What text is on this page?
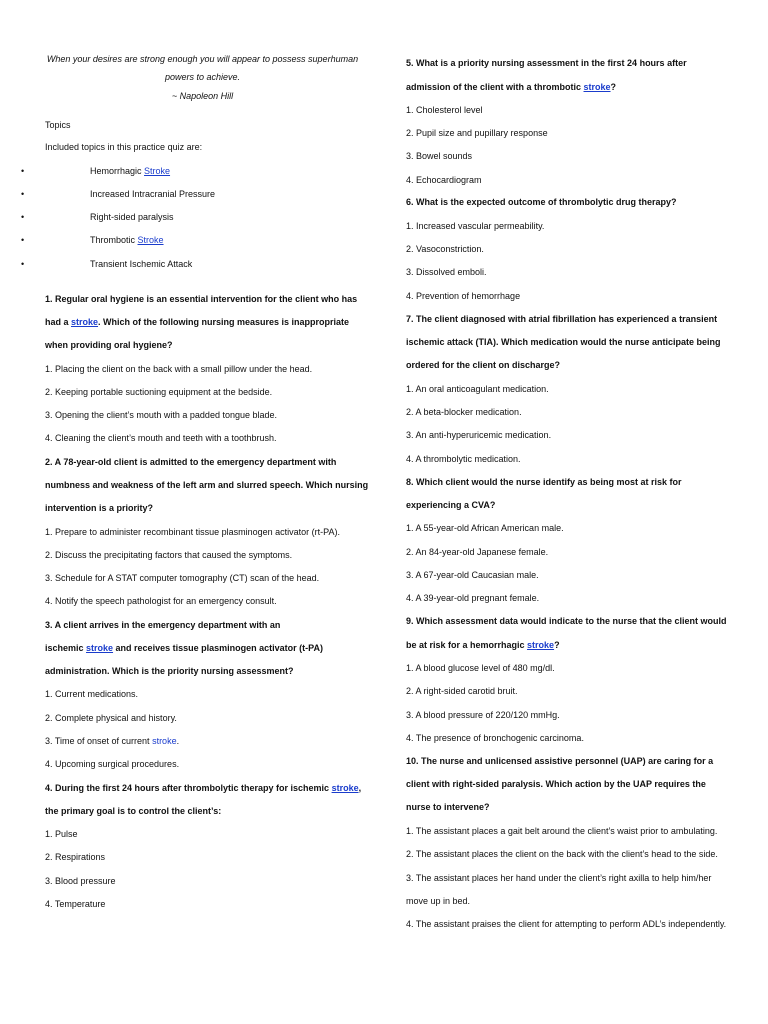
When your desires are strong enough you will appear to possess superhuman
powers to achieve.
~ Napoleon Hill
Topics
Included topics in this practice quiz are:
•	Hemorrhagic Stroke
•	Increased Intracranial Pressure
•	Right-sided paralysis
•	Thrombotic Stroke
•	Transient Ischemic Attack
1. Regular oral hygiene is an essential intervention for the client who has
had a stroke. Which of the following nursing measures is inappropriate
when providing oral hygiene?
1. Placing the client on the back with a small pillow under the head.
2. Keeping portable suctioning equipment at the bedside.
3. Opening the client’s mouth with a padded tongue blade.
4. Cleaning the client’s mouth and teeth with a toothbrush.
2. A 78-year-old client is admitted to the emergency department with
numbness and weakness of the left arm and slurred speech. Which nursing
intervention is a priority?
1. Prepare to administer recombinant tissue plasminogen activator (rt-PA).
2. Discuss the precipitating factors that caused the symptoms.
3. Schedule for A STAT computer tomography (CT) scan of the head.
4. Notify the speech pathologist for an emergency consult.
3. A client arrives in the emergency department with an
ischemic stroke and receives tissue plasminogen activator (t-PA)
administration. Which is the priority nursing assessment?
1. Current medications.
2. Complete physical and history.
3. Time of onset of current stroke.
4. Upcoming surgical procedures.
4. During the first 24 hours after thrombolytic therapy for ischemic stroke,
the primary goal is to control the client’s:
1. Pulse
2. Respirations
3. Blood pressure
4. Temperature
5. What is a priority nursing assessment in the first 24 hours after
admission of the client with a thrombotic stroke?
1. Cholesterol level
2. Pupil size and pupillary response
3. Bowel sounds
4. Echocardiogram
6. What is the expected outcome of thrombolytic drug therapy?
1. Increased vascular permeability.
2. Vasoconstriction.
3. Dissolved emboli.
4. Prevention of hemorrhage
7. The client diagnosed with atrial fibrillation has experienced a transient
ischemic attack (TIA). Which medication would the nurse anticipate being
ordered for the client on discharge?
1. An oral anticoagulant medication.
2. A beta-blocker medication.
3. An anti-hyperuricemic medication.
4. A thrombolytic medication.
8. Which client would the nurse identify as being most at risk for
experiencing a CVA?
1. A 55-year-old African American male.
2. An 84-year-old Japanese female.
3. A 67-year-old Caucasian male.
4. A 39-year-old pregnant female.
9. Which assessment data would indicate to the nurse that the client would
be at risk for a hemorrhagic stroke?
1. A blood glucose level of 480 mg/dl.
2. A right-sided carotid bruit.
3. A blood pressure of 220/120 mmHg.
4. The presence of bronchogenic carcinoma.
10. The nurse and unlicensed assistive personnel (UAP) are caring for a
client with right-sided paralysis. Which action by the UAP requires the
nurse to intervene?
1. The assistant places a gait belt around the client’s waist prior to ambulating.
2. The assistant places the client on the back with the client’s head to the side.
3. The assistant places her hand under the client’s right axilla to help him/her
move up in bed.
4. The assistant praises the client for attempting to perform ADL’s independently.
